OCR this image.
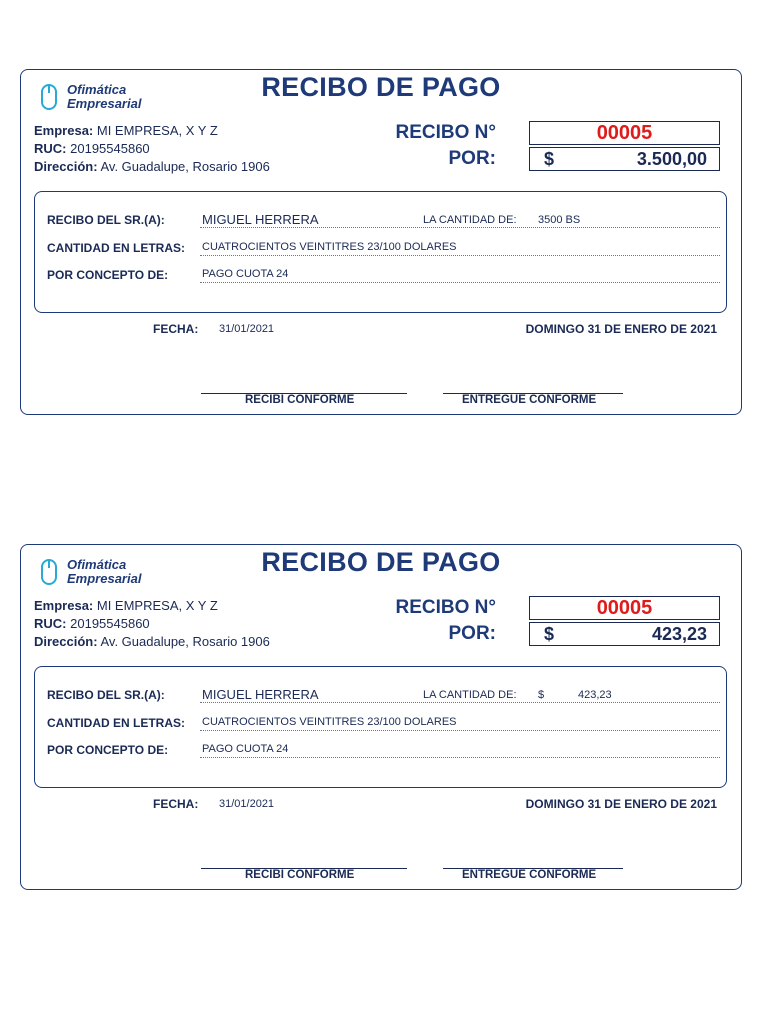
Ofimática
Empresarial
RECIBO DE PAGO
Empresa: MI EMPRESA, X Y Z
RUC: 20195545860
Dirección: Av. Guadalupe, Rosario 1906
RECIBO N°	00005
POR:	$	3.500,00
RECIBO DEL SR.(A):	MIGUEL HERRERA	LA CANTIDAD DE: 3500 BS
CANTIDAD EN LETRAS: CUATROCIENTOS VEINTITRES 23/100 DOLARES
POR CONCEPTO DE:	PAGO CUOTA 24
FECHA: 31/01/2021	DOMINGO 31 DE ENERO DE 2021
RECIBI CONFORME	ENTREGUE CONFORME
Ofimática
Empresarial
RECIBO DE PAGO
Empresa: MI EMPRESA, X Y Z
RUC: 20195545860
Dirección: Av. Guadalupe, Rosario 1906
RECIBO N°	00005
POR:	$	423,23
RECIBO DEL SR.(A):	MIGUEL HERRERA	LA CANTIDAD DE: $	423,23
CANTIDAD EN LETRAS: CUATROCIENTOS VEINTITRES 23/100 DOLARES
POR CONCEPTO DE:	PAGO CUOTA 24
FECHA: 31/01/2021	DOMINGO 31 DE ENERO DE 2021
RECIBI CONFORME	ENTREGUE CONFORME
